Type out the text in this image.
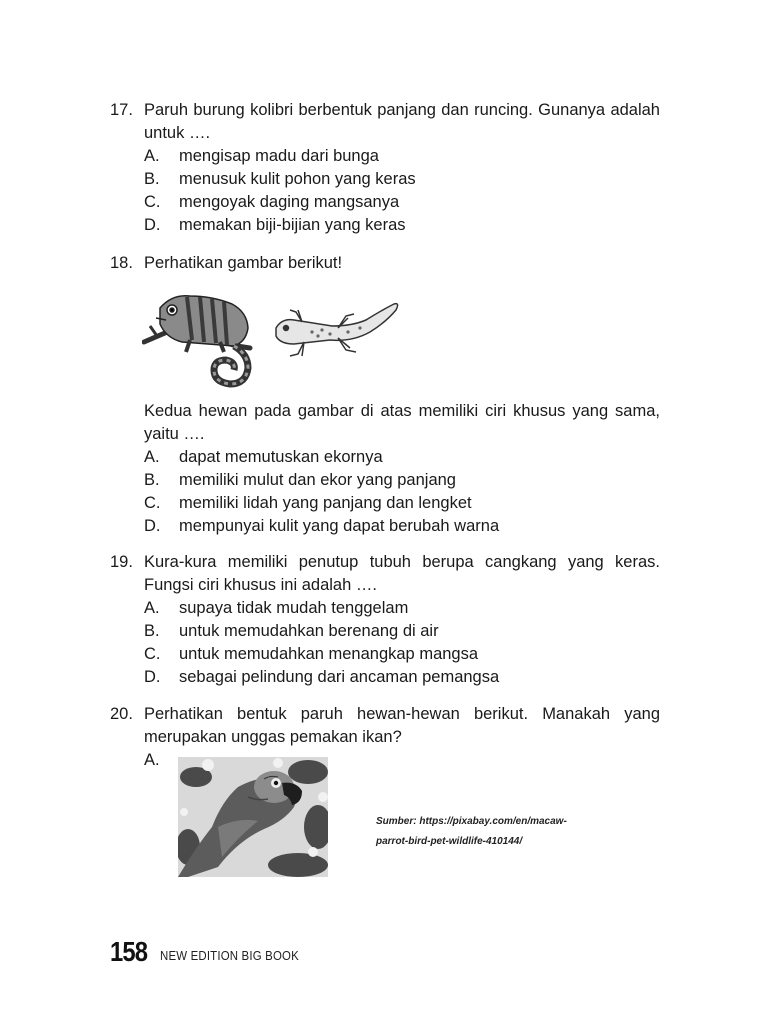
17. Paruh burung kolibri berbentuk panjang dan runcing. Gunanya adalah untuk ….
A.	mengisap madu dari bunga
B.	menusuk kulit pohon yang keras
C.	mengoyak daging mangsanya
D.	memakan biji-bijian yang keras
18. Perhatikan gambar berikut!
Kedua hewan pada gambar di atas memiliki ciri khusus yang sama, yaitu ….
A.	dapat memutuskan ekornya
B.	memiliki mulut dan ekor yang panjang
C.	memiliki lidah yang panjang dan lengket
D.	mempunyai kulit yang dapat berubah warna
19. Kura-kura memiliki penutup tubuh berupa cangkang yang keras. Fungsi ciri khusus ini adalah ….
A.	supaya tidak mudah tenggelam
B.	untuk memudahkan berenang di air
C.	untuk memudahkan menangkap mangsa
D.	sebagai pelindung dari ancaman pemangsa
20. Perhatikan bentuk paruh hewan-hewan berikut. Manakah yang merupakan unggas pemakan ikan?
A.
Sumber: https://pixabay.com/en/macaw-parrot-bird-pet-wildlife-410144/
158 NEW EDITION BIG BOOK
